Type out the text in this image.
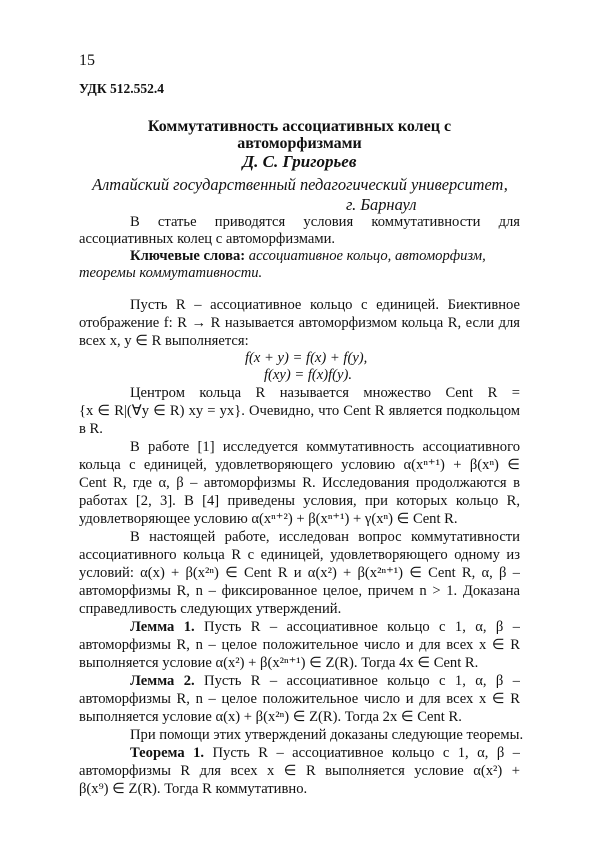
15
УДК 512.552.4
Коммутативность ассоциативных колец с
автоморфизмами
Д. С. Григорьев
Алтайский государственный педагогический университет,
г. Барнаул
В статье приводятся условия коммутативности для
ассоциативных колец с автоморфизмами.
Ключевые слова: ассоциативное кольцо, автоморфизм,
теоремы коммутативности.
Пусть R – ассоциативное кольцо с единицей. Биективное
отображение f: R → R называется автоморфизмом кольца R, если для
всех x, y ∈ R выполняется:
f(x + y) = f(x) + f(y),
f(xy) = f(x)f(y).
Центром кольца R называется множество Cent R =
{x ∈ R|(∀y ∈ R) xy = yx}. Очевидно, что Cent R является подкольцом
в R.
В работе [1] исследуется коммутативность ассоциативного
кольца с единицей, удовлетворяющего условию α(xⁿ⁺¹) + β(xⁿ) ∈
Cent R, где α, β – автоморфизмы R. Исследования продолжаются в
работах [2, 3]. В [4] приведены условия, при которых кольцо R,
удовлетворяющее условию α(xⁿ⁺²) + β(xⁿ⁺¹) + γ(xⁿ) ∈ Cent R.
В настоящей работе, исследован вопрос коммутативности
ассоциативного кольца R с единицей, удовлетворяющего одному из
условий: α(x) + β(x²ⁿ) ∈ Cent R и α(x²) + β(x²ⁿ⁺¹) ∈ Cent R, α, β –
автоморфизмы R, n – фиксированное целое, причем n > 1. Доказана
справедливость следующих утверждений.
Лемма 1. Пусть R – ассоциативное кольцо с 1, α, β –
автоморфизмы R, n – целое положительное число и для всех x ∈ R
выполняется условие α(x²) + β(x²ⁿ⁺¹) ∈ Z(R). Тогда 4x ∈ Cent R.
Лемма 2. Пусть R – ассоциативное кольцо с 1, α, β –
автоморфизмы R, n – целое положительное число и для всех x ∈ R
выполняется условие α(x) + β(x²ⁿ) ∈ Z(R). Тогда 2x ∈ Cent R.
При помощи этих утверждений доказаны следующие теоремы.
Теорема 1. Пусть R – ассоциативное кольцо с 1, α, β –
автоморфизмы R для всех x ∈ R выполняется условие α(x²) +
β(x⁹) ∈ Z(R). Тогда R коммутативно.
